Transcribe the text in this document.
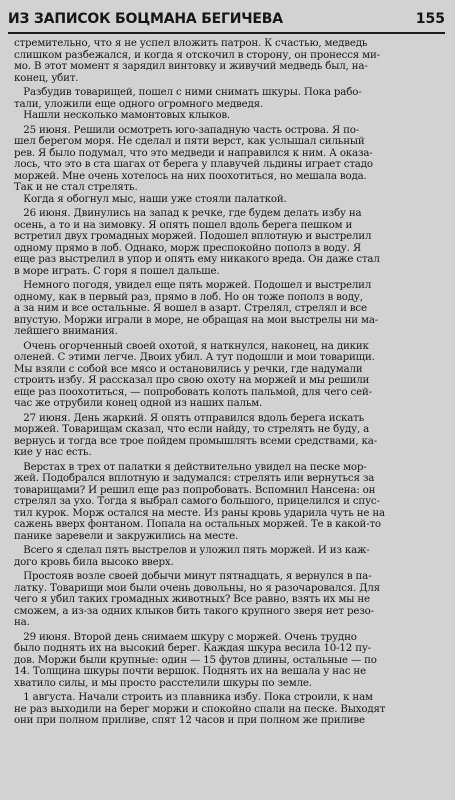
ИЗ ЗАПИСОК БОЦМАНА БЕГИЧЕВА	155
стремительно, что я не успел вложить патрон. К счастью, медведь
слишком разбежался, и когда я отскочил в сторону, он пронесся ми-
мо. В этот момент я зарядил винтовку и живучий медведь был, на-
конец, убит.
Разбудив товарищей, пошел с ними снимать шкуры. Пока рабо-
тали, уложили еще одного огромного медведя.
Нашли несколько мамонтовых клыков.
25 июня. Решили осмотреть юго-западную часть острова. Я по-
шел берегом моря. Не сделал и пяти верст, как услышал сильный
рев. Я было подумал, что это медведи и направился к ним. А оказа-
лось, что это в ста шагах от берега у плавучей льдины играет стадо
моржей. Мне очень хотелось на них поохотиться, но мешала вода.
Так и не стал стрелять.
Когда я обогнул мыс, наши уже стояли палаткой.
26 июня. Двинулись на запад к речке, где будем делать избу на
осень, а то и на зимовку. Я опять пошел вдоль берега пешком и
встретил двух громадных моржей. Подошел вплотную и выстрелил
одному прямо в лоб. Однако, морж преспокойно пополз в воду. Я
еще раз выстрелил в упор и опять ему никакого вреда. Он даже стал
в море играть. С горя я пошел дальше.
Немного погодя, увидел еще пять моржей. Подошел и выстрелил
одному, как в первый раз, прямо в лоб. Но он тоже пополз в воду,
а за ним и все остальные. Я вошел в азарт. Стрелял, стрелял и все
впустую. Моржи играли в море, не обращая на мои выстрелы ни ма-
лейшего внимания.
Очень огорченный своей охотой, я наткнулся, наконец, на дикик
оленей. С этими легче. Двоих убил. А тут подошли и мои товарищи.
Мы взяли с собой все мясо и остановились у речки, где надумали
строить избу. Я рассказал про свою охоту на моржей и мы решили
еще раз поохотиться, — попробовать колоть пальмой, для чего сей-
час же отрубили конец одной из наших пальм.
27 июня. День жаркий. Я опять отправился вдоль берега искать
моржей. Товарищам сказал, что если найду, то стрелять не буду, а
вернусь и тогда все трое пойдем промышлять всеми средствами, ка-
кие у нас есть.
Верстах в трех от палатки я действительно увидел на песке мор-
жей. Подобрался вплотную и задумался: стрелять или вернуться за
товарищами? И решил еще раз попробовать. Вспомнил Нансена: он
стрелял за ухо. Тогда я выбрал самого большого, прицелился и спус-
тил курок. Морж остался на месте. Из раны кровь ударила чуть не на
сажень вверх фонтаном. Попала на остальных моржей. Те в какой-то
панике заревели и закружились на месте.
Всего я сделал пять выстрелов и уложил пять моржей. И из каж-
дого кровь била высоко вверх.
Простояв возле своей добычи минут пятнадцать, я вернулся в па-
латку. Товарищи мои были очень довольны, но я разочаровался. Для
чего я убил таких громадных животных? Все равно, взять их мы не
сможем, а из-за одних клыков бить такого крупного зверя нет резо-
на.
29 июня. Второй день снимаем шкуру с моржей. Очень трудно
было поднять их на высокий берег. Каждая шкура весила 10-12 пу-
дов. Моржи были крупные: один — 15 футов длины, остальные — по
14. Толщина шкуры почти вершок. Поднять их на вешала у нас не
хватило силы, и мы просто расстелили шкуры по земле.
1 августа. Начали строить из плавника избу. Пока строили, к нам
не раз выходили на берег моржи и спокойно спали на песке. Выходят
они при полном приливе, спят 12 часов и при полном же приливе
